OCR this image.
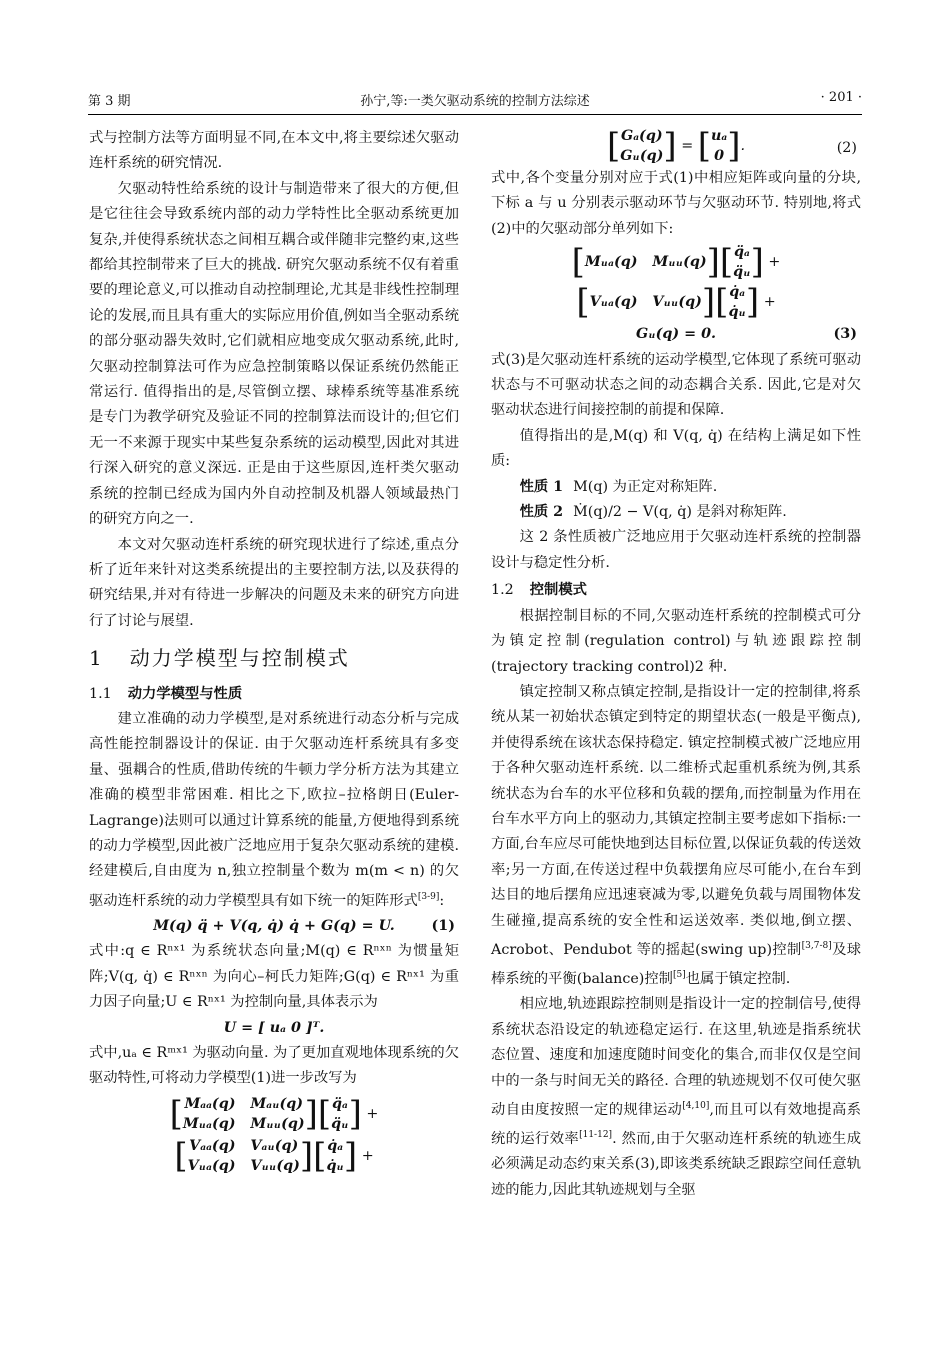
第 3 期	孙宁,等:一类欠驱动系统的控制方法综述	· 201 ·

式与控制方法等方面明显不同,在本文中,将主要综述欠驱动连杆系统的研究情况.

欠驱动特性给系统的设计与制造带来了很大的方便,但是它往往会导致系统内部的动力学特性比全驱动系统更加复杂,并使得系统状态之间相互耦合或伴随非完整约束,这些都给其控制带来了巨大的挑战. 研究欠驱动系统不仅有着重要的理论意义,可以推动自动控制理论,尤其是非线性控制理论的发展,而且具有重大的实际应用价值,例如当全驱动系统的部分驱动器失效时,它们就相应地变成欠驱动系统,此时,欠驱动控制算法可作为应急控制策略以保证系统仍然能正常运行. 值得指出的是,尽管倒立摆、球棒系统等基准系统是专门为教学研究及验证不同的控制算法而设计的;但它们无一不来源于现实中某些复杂系统的运动模型,因此对其进行深入研究的意义深远. 正是由于这些原因,连杆类欠驱动系统的控制已经成为国内外自动控制及机器人领域最热门的研究方向之一.

本文对欠驱动连杆系统的研究现状进行了综述,重点分析了近年来针对这类系统提出的主要控制方法,以及获得的研究结果,并对有待进一步解决的问题及未来的研究方向进行了讨论与展望.

1 动力学模型与控制模式
1.1 动力学模型与性质

建立准确的动力学模型,是对系统进行动态分析与完成高性能控制器设计的保证. 由于欠驱动连杆系统具有多变量、强耦合的性质,借助传统的牛顿力学分析方法为其建立准确的模型非常困难. 相比之下,欧拉–拉格朗日(Euler-Lagrange)法则可以通过计算系统的能量,方便地得到系统的动力学模型,因此被广泛地应用于复杂欠驱动系统的建模. 经建模后,自由度为 n,独立控制量个数为 m(m < n) 的欠驱动连杆系统的动力学模型具有如下统一的矩阵形式[3-9]:

M(q) q̈ + V(q, q̇) q̇ + G(q) = U.	(1)

式中:q ∈ Rⁿˣ¹ 为系统状态向量;M(q) ∈ Rⁿˣⁿ 为惯量矩阵;V(q, q̇) ∈ Rⁿˣⁿ 为向心–柯氏力矩阵;G(q) ∈ Rⁿˣ¹ 为重力因子向量;U ∈ Rⁿˣ¹ 为控制向量,具体表示为

U = [ uₐ 0 ]ᵀ.

式中,uₐ ∈ Rᵐˣ¹ 为驱动向量. 为了更加直观地体现系统的欠驱动特性,可将动力学模型(1)进一步改写为

[ Mₐₐ(q) Mₐᵤ(q)
Mᵤₐ(q) Mᵤᵤ(q) ][ q̈ₐ
q̈ᵤ ] +
[ Vₐₐ(q) Vₐᵤ(q)
Vᵤₐ(q) Vᵤᵤ(q) ][ q̇ₐ
q̇ᵤ ] +
[ Gₐ(q)
Gᵤ(q) ] = [ uₐ
0 ].	(2)

式中,各个变量分别对应于式(1)中相应矩阵或向量的分块,下标 a 与 u 分别表示驱动环节与欠驱动环节. 特别地,将式(2)中的欠驱动部分单列如下:

[Mᵤₐ(q) Mᵤᵤ(q)][ q̈ₐ
q̈ᵤ ] +
[Vᵤₐ(q) Vᵤᵤ(q)][ q̇ₐ
q̇ᵤ ] +
Gᵤ(q) = 0.	(3)

式(3)是欠驱动连杆系统的运动学模型,它体现了系统可驱动状态与不可驱动状态之间的动态耦合关系. 因此,它是对欠驱动状态进行间接控制的前提和保障.

值得指出的是,M(q) 和 V(q, q̇) 在结构上满足如下性质:

性质 1 M(q) 为正定对称矩阵.

性质 2 Ṁ(q)/2 − V(q, q̇) 是斜对称矩阵.

这 2 条性质被广泛地应用于欠驱动连杆系统的控制器设计与稳定性分析.

1.2 控制模式

根据控制目标的不同,欠驱动连杆系统的控制模式可分为镇定控制(regulation control)与轨迹跟踪控制(trajectory tracking control)2 种.

镇定控制又称点镇定控制,是指设计一定的控制律,将系统从某一初始状态镇定到特定的期望状态(一般是平衡点),并使得系统在该状态保持稳定. 镇定控制模式被广泛地应用于各种欠驱动连杆系统. 以二维桥式起重机系统为例,其系统状态为台车的水平位移和负载的摆角,而控制量为作用在台车水平方向上的驱动力,其镇定控制主要考虑如下指标:一方面,台车应尽可能快地到达目标位置,以保证负载的传送效率;另一方面,在传送过程中负载摆角应尽可能小,在台车到达目的地后摆角应迅速衰减为零,以避免负载与周围物体发生碰撞,提高系统的安全性和运送效率. 类似地,倒立摆、Acrobot、Pendubot 等的摇起(swing up)控制[3,7-8]及球棒系统的平衡(balance)控制[5]也属于镇定控制.

相应地,轨迹跟踪控制则是指设计一定的控制信号,使得系统状态沿设定的轨迹稳定运行. 在这里,轨迹是指系统状态位置、速度和加速度随时间变化的集合,而非仅仅是空间中的一条与时间无关的路径. 合理的轨迹规划不仅可使欠驱动自由度按照一定的规律运动[4,10],而且可以有效地提高系统的运行效率[11-12]. 然而,由于欠驱动连杆系统的轨迹生成必须满足动态约束关系(3),即该类系统缺乏跟踪空间任意轨迹的能力,因此其轨迹规划与全驱
